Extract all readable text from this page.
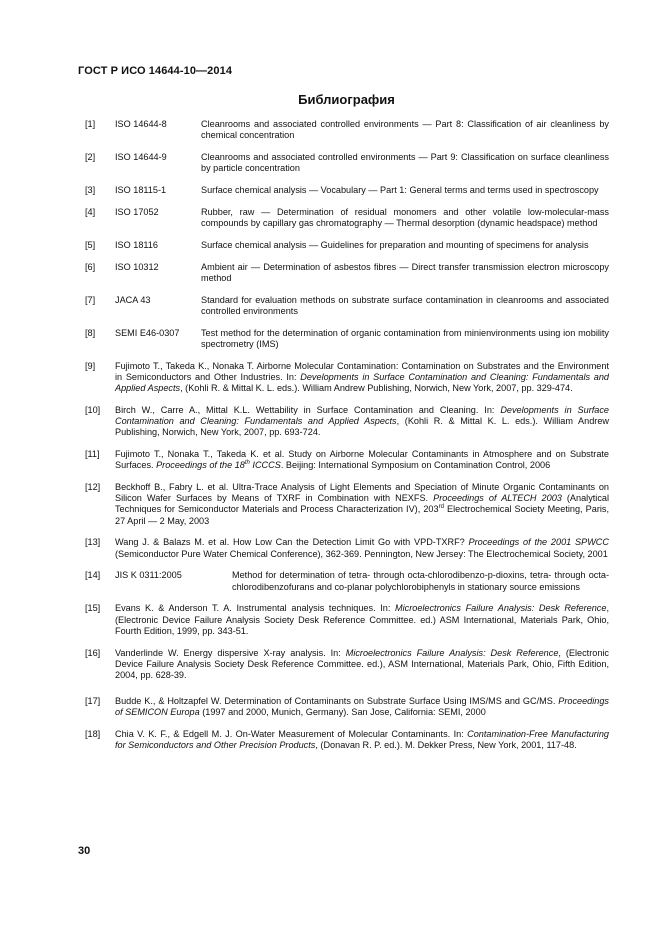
ГОСТ Р ИСО 14644-10—2014
Библиография
[1]	ISO 14644-8	Cleanrooms and associated controlled environments — Part 8: Classification of air cleanliness by chemical concentration
[2]	ISO 14644-9	Cleanrooms and associated controlled environments — Part 9: Classification on surface cleanliness by particle concentration
[3]	ISO 18115-1	Surface chemical analysis — Vocabulary — Part 1: General terms and terms used in spectroscopy
[4]	ISO 17052	Rubber, raw — Determination of residual monomers and other volatile low-molecular-mass compounds by capillary gas chromatography — Thermal desorption (dynamic headspace) method
[5]	ISO 18116	Surface chemical analysis — Guidelines for preparation and mounting of specimens for analysis
[6]	ISO 10312	Ambient air — Determination of asbestos fibres — Direct transfer transmission electron microscopy method
[7]	JACA 43	Standard for evaluation methods on substrate surface contamination in cleanrooms and associated controlled environments
[8]	SEMI E46-0307	Test method for the determination of organic contamination from minienvironments using ion mobility spectrometry (IMS)
[9]	Fujimoto T., Takeda K., Nonaka T. Airborne Molecular Contamination: Contamination on Substrates and the Environment in Semiconductors and Other Industries. In: Developments in Surface Contamination and Cleaning: Fundamentals and Applied Aspects, (Kohli R. & Mittal K. L. eds.). William Andrew Publishing, Norwich, New York, 2007, pp. 329-474.
[10]	Birch W., Carre A., Mittal K.L. Wettability in Surface Contamination and Cleaning. In: Developments in Surface Contamination and Cleaning: Fundamentals and Applied Aspects, (Kohli R. & Mittal K. L. eds.). William Andrew Publishing, Norwich, New York, 2007, pp. 693-724.
[11]	Fujimoto T., Nonaka T., Takeda K. et al. Study on Airborne Molecular Contaminants in Atmosphere and on Substrate Surfaces. Proceedings of the 18th ICCCS. Beijing: International Symposium on Contamination Control, 2006
[12]	Beckhoff B., Fabry L. et al. Ultra-Trace Analysis of Light Elements and Speciation of Minute Organic Contaminants on Silicon Wafer Surfaces by Means of TXRF in Combination with NEXFS. Proceedings of ALTECH 2003 (Analytical Techniques for Semiconductor Materials and Process Characterization IV), 203rd Electrochemical Society Meeting, Paris, 27 April — 2 May, 2003
[13]	Wang J. & Balazs M. et al. How Low Can the Detection Limit Go with VPD-TXRF? Proceedings of the 2001 SPWCC (Semiconductor Pure Water Chemical Conference), 362-369. Pennington, New Jersey: The Electrochemical Society, 2001
[14]	JIS K 0311:2005	Method for determination of tetra- through octa-chlorodibenzo-p-dioxins, tetra- through octa-chlorodibenzofurans and co-planar polychlorobiphenyls in stationary source emissions
[15]	Evans K. & Anderson T. A. Instrumental analysis techniques. In: Microelectronics Failure Analysis: Desk Reference, (Electronic Device Failure Analysis Society Desk Reference Committee. ed.) ASM International, Materials Park, Ohio, Fourth Edition, 1999, pp. 343-51.
[16]	Vanderlinde W. Energy dispersive X-ray analysis. In: Microelectronics Failure Analysis: Desk Reference, (Electronic Device Failure Analysis Society Desk Reference Committee. ed.), ASM International, Materials Park, Ohio, Fifth Edition, 2004, pp. 628-39.
[17]	Budde K., & Holtzapfel W. Determination of Contaminants on Substrate Surface Using IMS/MS and GC/MS. Proceedings of SEMICON Europa (1997 and 2000, Munich, Germany). San Jose, California: SEMI, 2000
[18]	Chia V. K. F., & Edgell M. J. On-Water Measurement of Molecular Contaminants. In: Contamination-Free Manufacturing for Semiconductors and Other Precision Products, (Donavan R. P. ed.). M. Dekker Press, New York, 2001, 117-48.
30
